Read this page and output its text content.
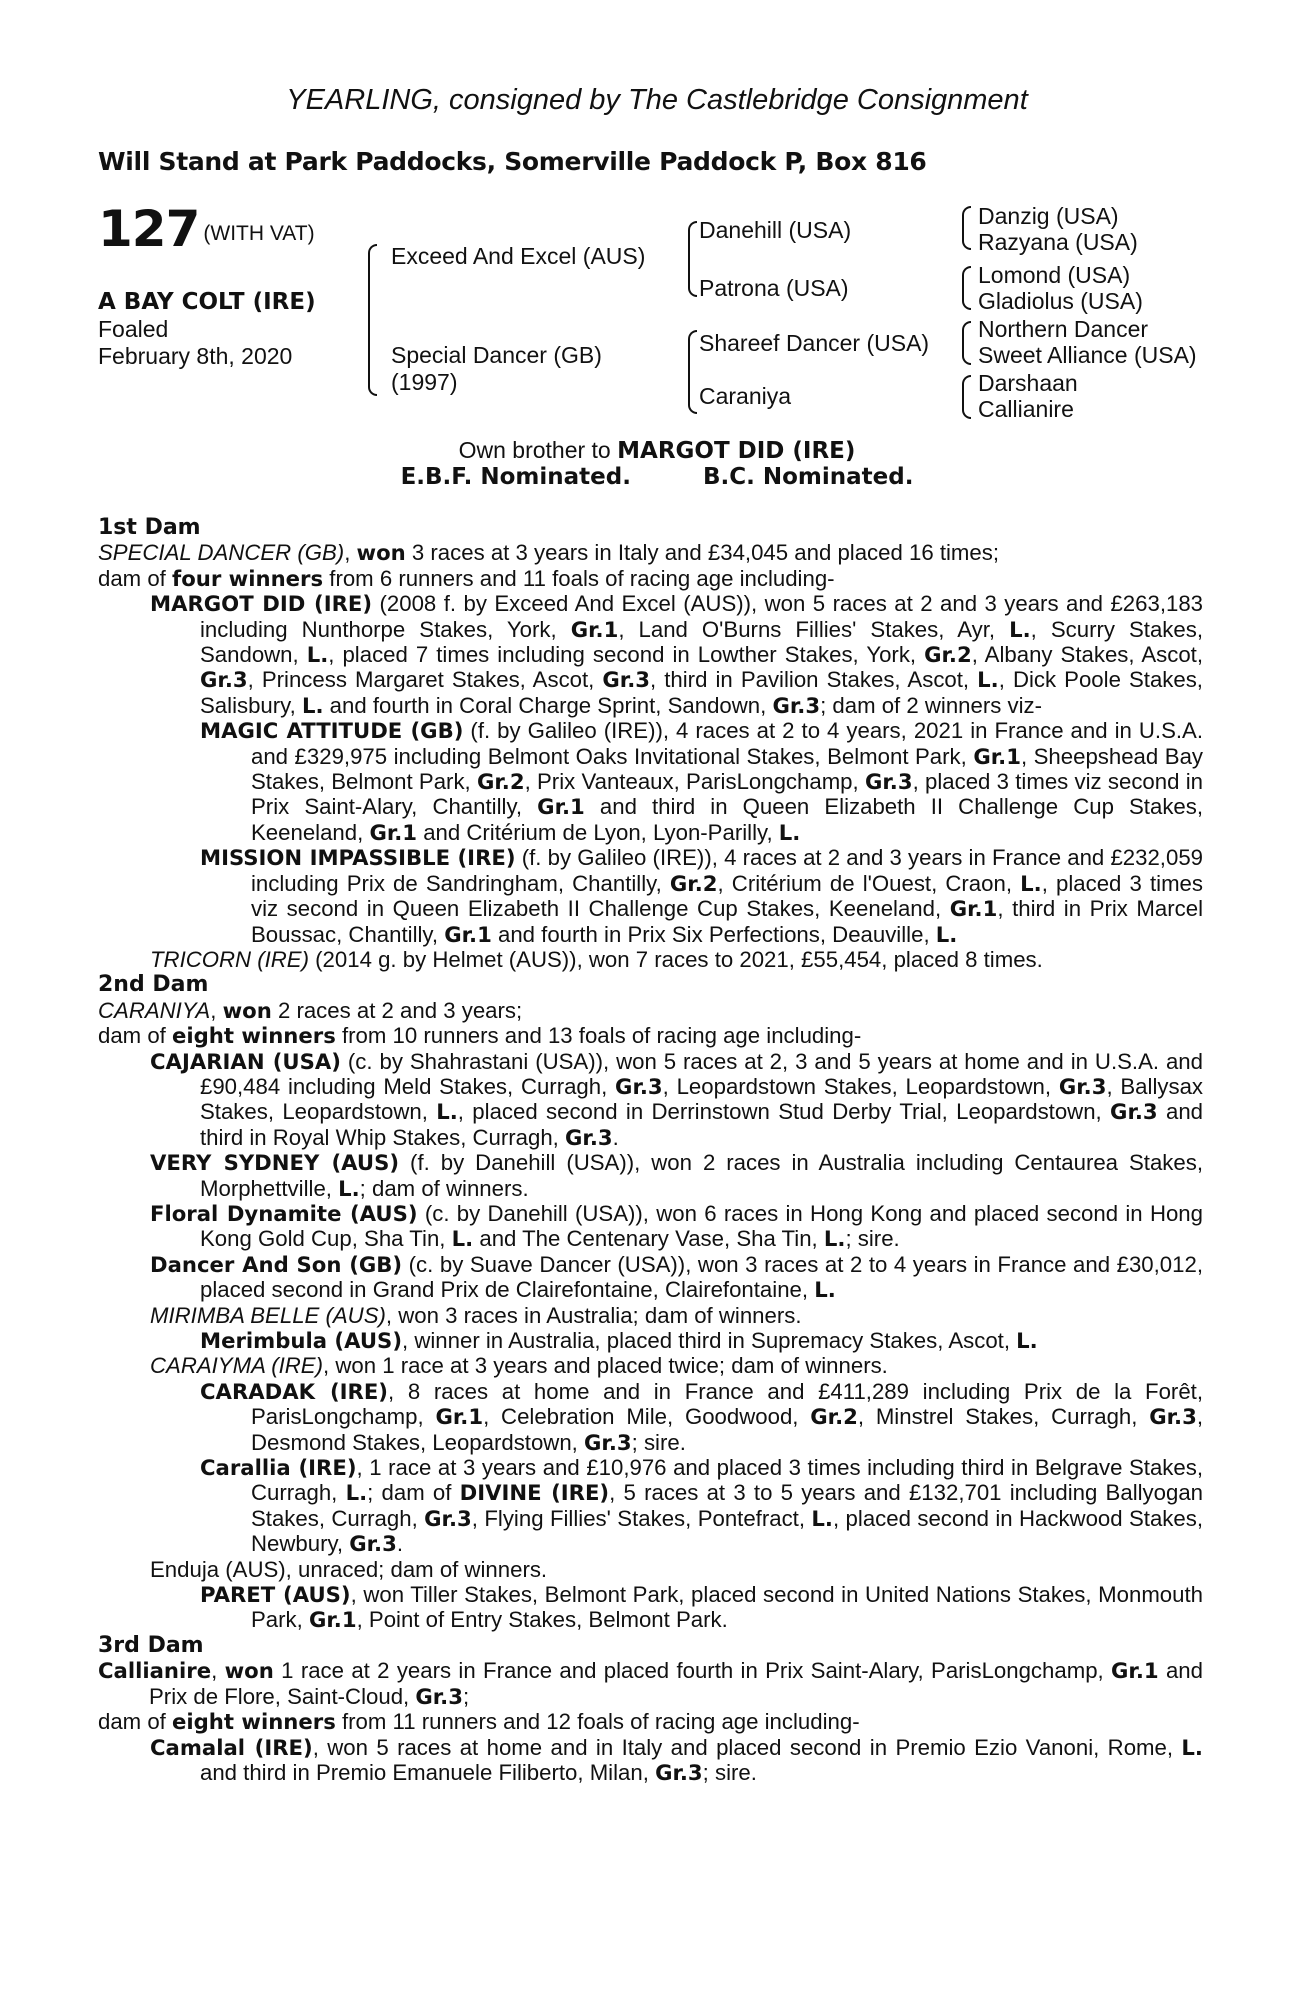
YEARLING, consigned by The Castlebridge Consignment
Will Stand at Park Paddocks, Somerville Paddock P, Box 816
127 (WITH VAT)
A BAY COLT (IRE)
Foaled
February 8th, 2020
Exceed And Excel (AUS)
Special Dancer (GB)
(1997)
Danehill (USA)
Patrona (USA)
Shareef Dancer (USA)
Caraniya
Danzig (USA)
Razyana (USA)
Lomond (USA)
Gladiolus (USA)
Northern Dancer
Sweet Alliance (USA)
Darshaan
Callianire
Own brother to MARGOT DID (IRE)
E.B.F. Nominated.	B.C. Nominated.
1st Dam

SPECIAL DANCER (GB), won 3 races at 3 years in Italy and £34,045 and placed 16 times;

dam of four winners from 6 runners and 11 foals of racing age including-

MARGOT DID (IRE) (2008 f. by Exceed And Excel (AUS)), won 5 races at 2 and 3 years and £263,183 including Nunthorpe Stakes, York, Gr.1, Land O'Burns Fillies' Stakes, Ayr, L., Scurry Stakes, Sandown, L., placed 7 times including second in Lowther Stakes, York, Gr.2, Albany Stakes, Ascot, Gr.3, Princess Margaret Stakes, Ascot, Gr.3, third in Pavilion Stakes, Ascot, L., Dick Poole Stakes, Salisbury, L. and fourth in Coral Charge Sprint, Sandown, Gr.3; dam of 2 winners viz-

MAGIC ATTITUDE (GB) (f. by Galileo (IRE)), 4 races at 2 to 4 years, 2021 in France and in U.S.A. and £329,975 including Belmont Oaks Invitational Stakes, Belmont Park, Gr.1, Sheepshead Bay Stakes, Belmont Park, Gr.2, Prix Vanteaux, ParisLongchamp, Gr.3, placed 3 times viz second in Prix Saint-Alary, Chantilly, Gr.1 and third in Queen Elizabeth II Challenge Cup Stakes, Keeneland, Gr.1 and Critérium de Lyon, Lyon-Parilly, L.

MISSION IMPASSIBLE (IRE) (f. by Galileo (IRE)), 4 races at 2 and 3 years in France and £232,059 including Prix de Sandringham, Chantilly, Gr.2, Critérium de l'Ouest, Craon, L., placed 3 times viz second in Queen Elizabeth II Challenge Cup Stakes, Keeneland, Gr.1, third in Prix Marcel Boussac, Chantilly, Gr.1 and fourth in Prix Six Perfections, Deauville, L.

TRICORN (IRE) (2014 g. by Helmet (AUS)), won 7 races to 2021, £55,454, placed 8 times.

2nd Dam

CARANIYA, won 2 races at 2 and 3 years;

dam of eight winners from 10 runners and 13 foals of racing age including-

CAJARIAN (USA) (c. by Shahrastani (USA)), won 5 races at 2, 3 and 5 years at home and in U.S.A. and £90,484 including Meld Stakes, Curragh, Gr.3, Leopardstown Stakes, Leopardstown, Gr.3, Ballysax Stakes, Leopardstown, L., placed second in Derrinstown Stud Derby Trial, Leopardstown, Gr.3 and third in Royal Whip Stakes, Curragh, Gr.3.

VERY SYDNEY (AUS) (f. by Danehill (USA)), won 2 races in Australia including Centaurea Stakes, Morphettville, L.; dam of winners.

Floral Dynamite (AUS) (c. by Danehill (USA)), won 6 races in Hong Kong and placed second in Hong Kong Gold Cup, Sha Tin, L. and The Centenary Vase, Sha Tin, L.; sire.

Dancer And Son (GB) (c. by Suave Dancer (USA)), won 3 races at 2 to 4 years in France and £30,012, placed second in Grand Prix de Clairefontaine, Clairefontaine, L.

MIRIMBA BELLE (AUS), won 3 races in Australia; dam of winners.

Merimbula (AUS), winner in Australia, placed third in Supremacy Stakes, Ascot, L.

CARAIYMA (IRE), won 1 race at 3 years and placed twice; dam of winners.

CARADAK (IRE), 8 races at home and in France and £411,289 including Prix de la Forêt, ParisLongchamp, Gr.1, Celebration Mile, Goodwood, Gr.2, Minstrel Stakes, Curragh, Gr.3, Desmond Stakes, Leopardstown, Gr.3; sire.

Carallia (IRE), 1 race at 3 years and £10,976 and placed 3 times including third in Belgrave Stakes, Curragh, L.; dam of DIVINE (IRE), 5 races at 3 to 5 years and £132,701 including Ballyogan Stakes, Curragh, Gr.3, Flying Fillies' Stakes, Pontefract, L., placed second in Hackwood Stakes, Newbury, Gr.3.

Enduja (AUS), unraced; dam of winners.

PARET (AUS), won Tiller Stakes, Belmont Park, placed second in United Nations Stakes, Monmouth Park, Gr.1, Point of Entry Stakes, Belmont Park.

3rd Dam

Callianire, won 1 race at 2 years in France and placed fourth in Prix Saint-Alary, ParisLongchamp, Gr.1 and Prix de Flore, Saint-Cloud, Gr.3;

dam of eight winners from 11 runners and 12 foals of racing age including-

Camalal (IRE), won 5 races at home and in Italy and placed second in Premio Ezio Vanoni, Rome, L. and third in Premio Emanuele Filiberto, Milan, Gr.3; sire.
